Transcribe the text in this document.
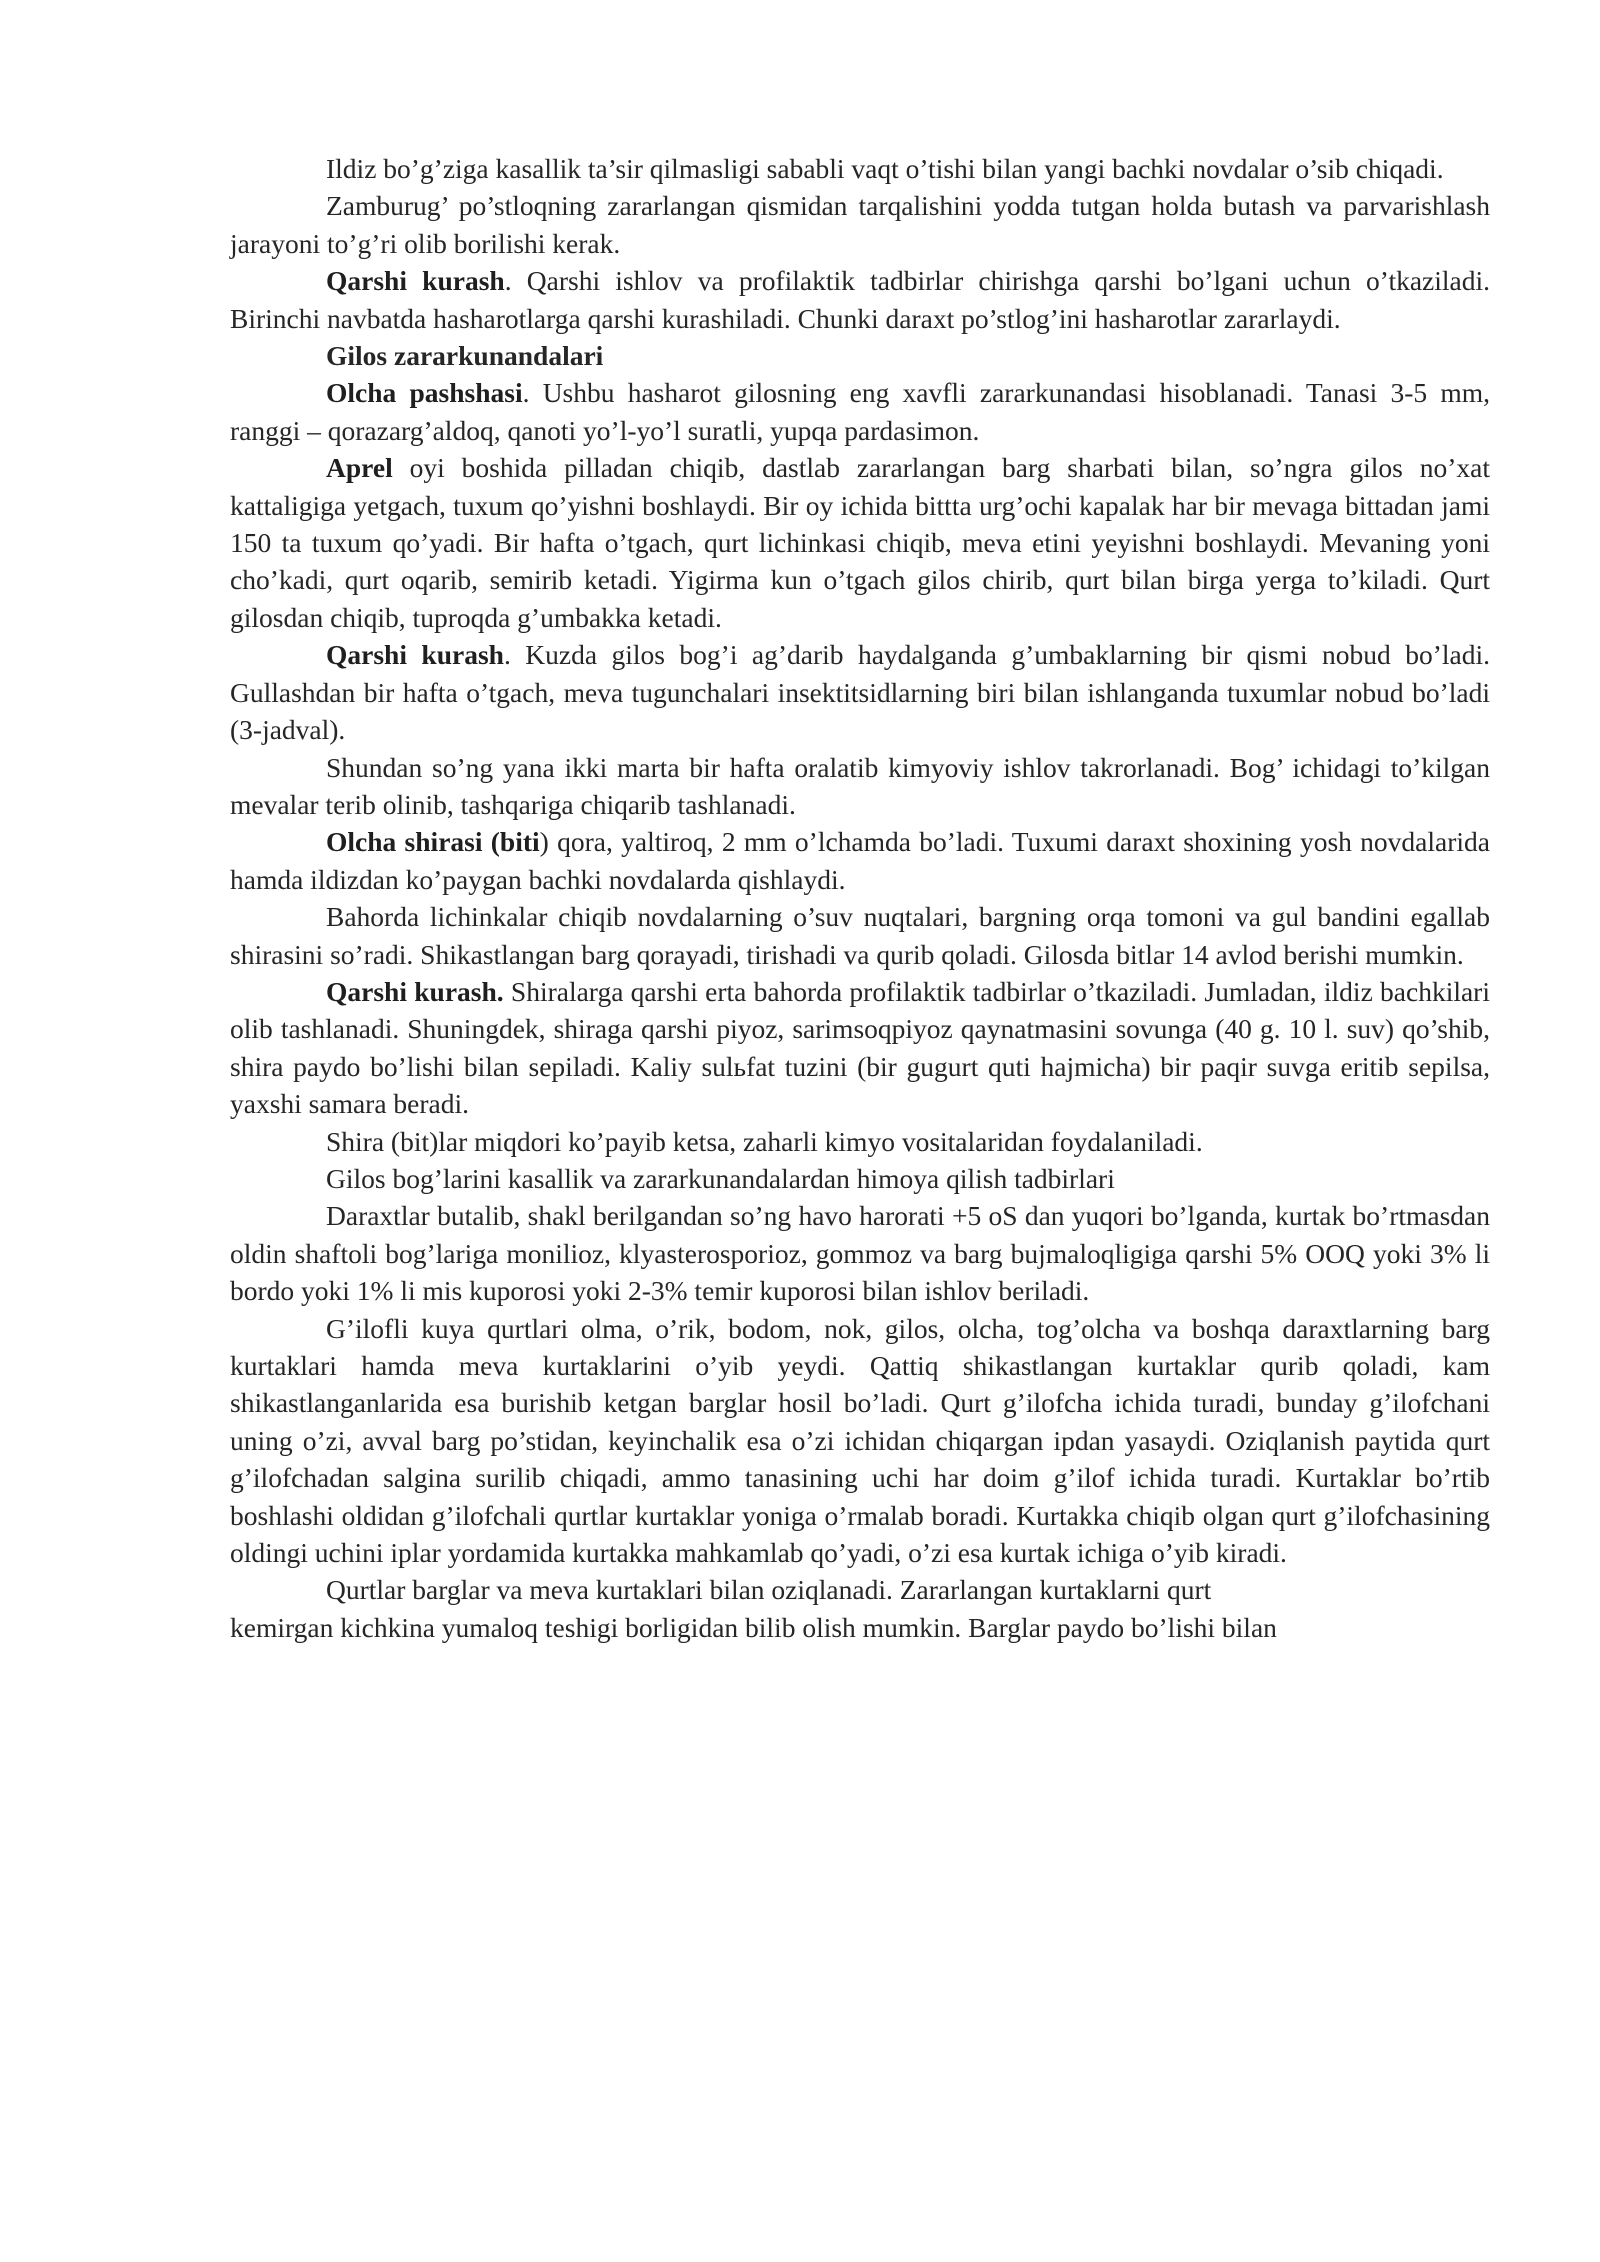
Ildiz bo’g’ziga kasallik ta’sir qilmasligi sababli vaqt o’tishi bilan yangi bachki novdalar o’sib chiqadi.

Zamburug’ po’stloqning zararlangan qismidan tarqalishini yodda tutgan holda butash va parvarishlash jarayoni to’g’ri olib borilishi kerak.

Qarshi kurash. Qarshi ishlov va profilaktik tadbirlar chirishga qarshi bo’lgani uchun o’tkaziladi. Birinchi navbatda hasharotlarga qarshi kurashiladi. Chunki daraxt po’stlog’ini hasharotlar zararlaydi.

Gilos zararkunandalari

Olcha pashshasi. Ushbu hasharot gilosning eng xavfli zararkunandasi hisoblanadi. Tanasi 3-5 mm, ranggi – qorazarg’aldoq, qanoti yo’l-yo’l suratli, yupqa pardasimon.

Aprel oyi boshida pilladan chiqib, dastlab zararlangan barg sharbati bilan, so’ngra gilos no’xat kattaligiga yetgach, tuxum qo’yishni boshlaydi. Bir oy ichida bittta urg’ochi kapalak har bir mevaga bittadan jami 150 ta tuxum qo’yadi. Bir hafta o’tgach, qurt lichinkasi chiqib, meva etini yeyishni boshlaydi. Mevaning yoni cho’kadi, qurt oqarib, semirib ketadi. Yigirma kun o’tgach gilos chirib, qurt bilan birga yerga to’kiladi. Qurt gilosdan chiqib, tuproqda g’umbakka ketadi.

Qarshi kurash. Kuzda gilos bog’i ag’darib haydalganda g’umbaklarning bir qismi nobud bo’ladi. Gullashdan bir hafta o’tgach, meva tugunchalari insektitsidlarning biri bilan ishlanganda tuxumlar nobud bo’ladi (3-jadval).

Shundan so’ng yana ikki marta bir hafta oralatib kimyoviy ishlov takrorlanadi. Bog’ ichidagi to’kilgan mevalar terib olinib, tashqariga chiqarib tashlanadi.

Olcha shirasi (biti) qora, yaltiroq, 2 mm o’lchamda bo’ladi. Tuxumi daraxt shoxining yosh novdalarida hamda ildizdan ko’paygan bachki novdalarda qishlaydi.

Bahorda lichinkalar chiqib novdalarning o’suv nuqtalari, bargning orqa tomoni va gul bandini egallab shirasini so’radi. Shikastlangan barg qorayadi, tirishadi va qurib qoladi. Gilosda bitlar 14 avlod berishi mumkin.

Qarshi kurash. Shiralarga qarshi erta bahorda profilaktik tadbirlar o’tkaziladi. Jumladan, ildiz bachkilari olib tashlanadi. Shuningdek, shiraga qarshi piyoz, sarimsoqpiyoz qaynatmasini sovunga (40 g. 10 l. suv) qo’shib, shira paydo bo’lishi bilan sepiladi. Kaliy sulьfat tuzini (bir gugurt quti hajmicha) bir paqir suvga eritib sepilsa, yaxshi samara beradi.

Shira (bit)lar miqdori ko’payib ketsa, zaharli kimyo vositalaridan foydalaniladi.

Gilos bog’larini kasallik va zararkunandalardan himoya qilish tadbirlari

Daraxtlar butalib, shakl berilgandan so’ng havo harorati +5 oS dan yuqori bo’lganda, kurtak bo’rtmasdan oldin shaftoli bog’lariga monilioz, klyasterosporioz, gommoz va barg bujmaloqligiga qarshi 5% OOQ yoki 3% li bordo yoki 1% li mis kuporosi yoki 2-3% temir kuporosi bilan ishlov beriladi.

G’ilofli kuya qurtlari olma, o’rik, bodom, nok, gilos, olcha, tog’olcha va boshqa daraxtlarning barg kurtaklari hamda meva kurtaklarini o’yib yeydi. Qattiq shikastlangan kurtaklar qurib qoladi, kam shikastlanganlarida esa burishib ketgan barglar hosil bo’ladi. Qurt g’ilofcha ichida turadi, bunday g’ilofchani uning o’zi, avval barg po’stidan, keyinchalik esa o’zi ichidan chiqargan ipdan yasaydi. Oziqlanish paytida qurt g’ilofchadan salgina surilib chiqadi, ammo tanasining uchi har doim g’ilof ichida turadi. Kurtaklar bo’rtib boshlashi oldidan g’ilofchali qurtlar kurtaklar yoniga o’rmalab boradi. Kurtakka chiqib olgan qurt g’ilofchasining oldingi uchini iplar yordamida kurtakka mahkamlab qo’yadi, o’zi esa kurtak ichiga o’yib kiradi.

Qurtlar barglar va meva kurtaklari bilan oziqlanadi. Zararlangan kurtaklarni qurt

kemirgan kichkina yumaloq teshigi borligidan bilib olish mumkin. Barglar paydo bo’lishi bilan
